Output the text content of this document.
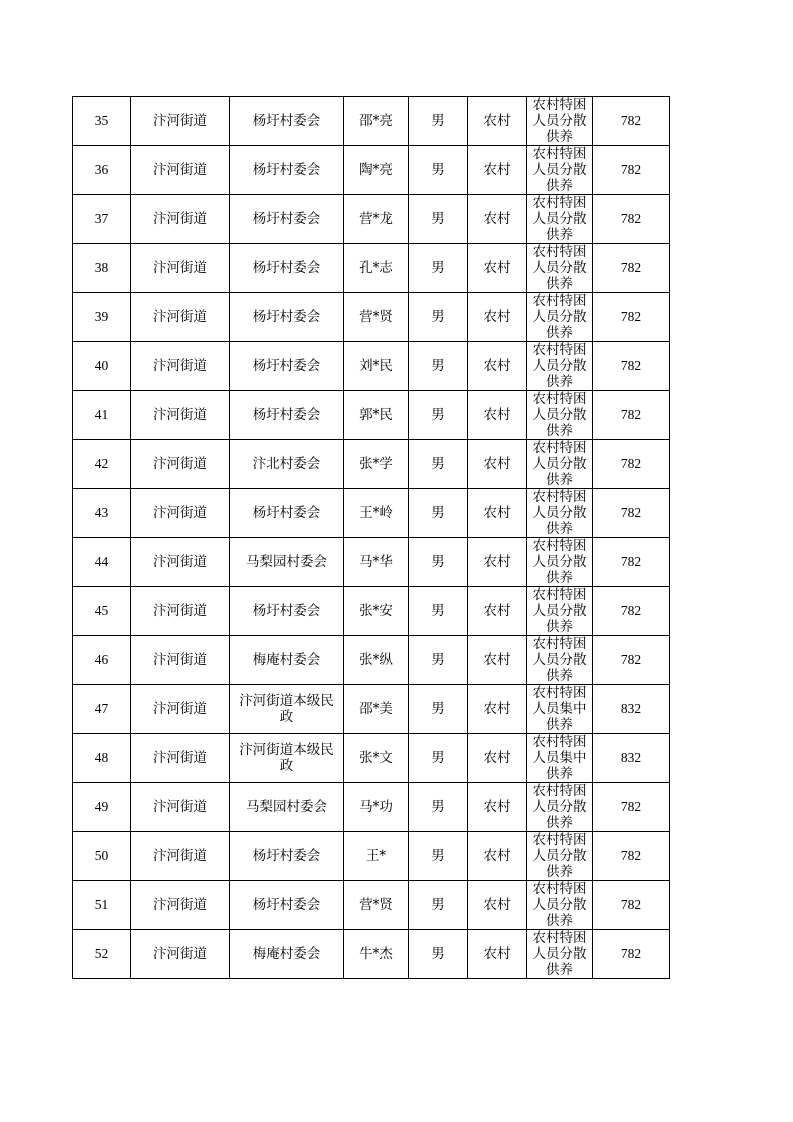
35	汴河街道	杨圩村委会	邵*亮	男	农村	农村特困人员分散供养	782
36	汴河街道	杨圩村委会	陶*亮	男	农村	农村特困人员分散供养	782
37	汴河街道	杨圩村委会	营*龙	男	农村	农村特困人员分散供养	782
38	汴河街道	杨圩村委会	孔*志	男	农村	农村特困人员分散供养	782
39	汴河街道	杨圩村委会	营*贤	男	农村	农村特困人员分散供养	782
40	汴河街道	杨圩村委会	刘*民	男	农村	农村特困人员分散供养	782
41	汴河街道	杨圩村委会	郭*民	男	农村	农村特困人员分散供养	782
42	汴河街道	汴北村委会	张*学	男	农村	农村特困人员分散供养	782
43	汴河街道	杨圩村委会	王*岭	男	农村	农村特困人员分散供养	782
44	汴河街道	马梨园村委会	马*华	男	农村	农村特困人员分散供养	782
45	汴河街道	杨圩村委会	张*安	男	农村	农村特困人员分散供养	782
46	汴河街道	梅庵村委会	张*纵	男	农村	农村特困人员分散供养	782
47	汴河街道	汴河街道本级民政	邵*美	男	农村	农村特困人员集中供养	832
48	汴河街道	汴河街道本级民政	张*文	男	农村	农村特困人员集中供养	832
49	汴河街道	马梨园村委会	马*功	男	农村	农村特困人员分散供养	782
50	汴河街道	杨圩村委会	王*	男	农村	农村特困人员分散供养	782
51	汴河街道	杨圩村委会	营*贤	男	农村	农村特困人员分散供养	782
52	汴河街道	梅庵村委会	牛*杰	男	农村	农村特困人员分散供养	782
